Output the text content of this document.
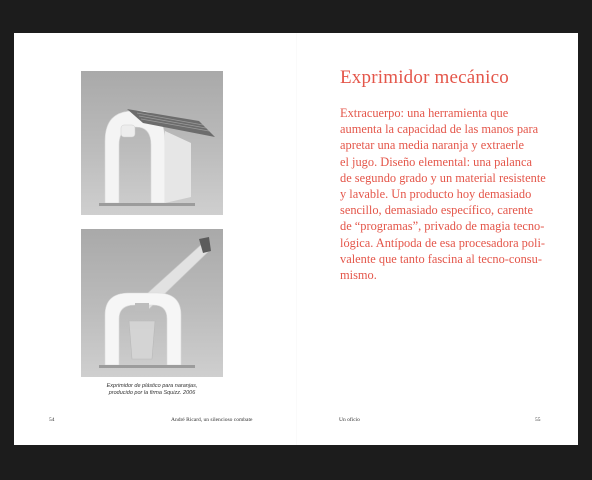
Exprimidor de plástico para naranjas,
producido por la firma Squizz. 2006
Exprimidor mecánico

Extracuerpo: una herramienta que
aumenta la capacidad de las manos para
apretar una media naranja y extraerle
el jugo. Diseño elemental: una palanca
de segundo grado y un material resistente
y lavable. Un producto hoy demasiado
sencillo, demasiado específico, carente
de “programas”, privado de magia tecno-
lógica. Antípoda de esa procesadora poli-
valente que tanto fascina al tecno-consu-
mismo.

54	André Ricard, un silencioso combate	Un oficio	55
